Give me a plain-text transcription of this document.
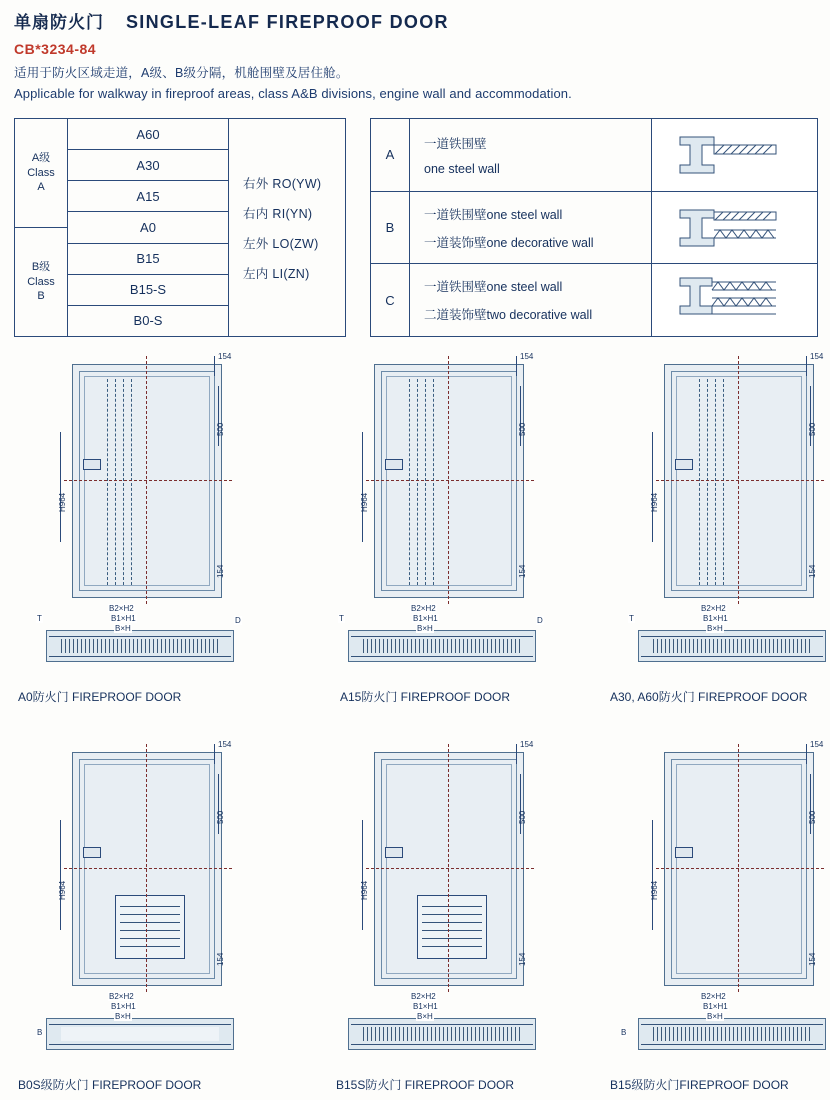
单扇防火门 SINGLE-LEAF FIREPROOF DOOR
CB*3234-84
适用于防火区域走道，A级、B级分隔，机舱围壁及居住舱。
Applicable for walkway in fireproof areas, class A&B divisions, engine wall and accommodation.
A级
Class
A
B级
Class
B
A60
A30
A15
A0
B15
B15-S
B0-S
右外 RO(YW)
右内 RI(YN)
左外 LO(ZW)
左内 LI(ZN)
A
一道铁围壁
one steel wall
B
一道铁围壁one steel wall
一道装饰壁one decorative wall
C
一道铁围壁one steel wall
二道装饰壁two decorative wall
154
500
H964
154
B2×H2
B1×H1
B×H
D
T
A0防火门 FIREPROOF DOOR
154
500
H964
154
B2×H2
B1×H1
B×H
D
T
A15防火门 FIREPROOF DOOR
154
500
H964
154
B2×H2
B1×H1
B×H
T
A30, A60防火门 FIREPROOF DOOR
154
500
H964
154
B2×H2
B1×H1
B×H
B
B0S级防火门 FIREPROOF DOOR
154
500
H964
154
B2×H2
B1×H1
B×H
B15S防火门 FIREPROOF DOOR
154
500
H964
154
B2×H2
B1×H1
B×H
B
B15级防火门FIREPROOF DOOR
